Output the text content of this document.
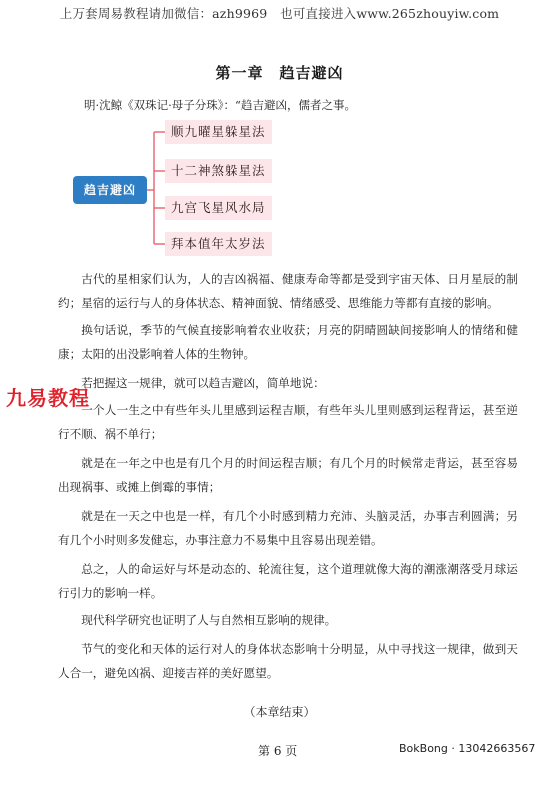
上万套周易教程请加微信：azh9969　也可直接进入www.265zhouyiw.com
第一章　趋吉避凶
明·沈鲸《双珠记·母子分珠》：“趋吉避凶，儒者之事。
趋吉避凶
顺九曜星躲星法
十二神煞躲星法
九宫飞星风水局
拜本值年太岁法
古代的星相家们认为，人的吉凶祸福、健康寿命等都是受到宇宙天体、日月星辰的制约；星宿的运行与人的身体状态、精神面貌、情绪感受、思维能力等都有直接的影响。
换句话说，季节的气候直接影响着农业收获；月亮的阴晴圆缺间接影响人的情绪和健康；太阳的出没影响着人体的生物钟。
若把握这一规律，就可以趋吉避凶，简单地说：
一个人一生之中有些年头儿里感到运程吉顺，有些年头儿里则感到运程背运，甚至逆行不顺、祸不单行；
就是在一年之中也是有几个月的时间运程吉顺；有几个月的时候常走背运，甚至容易出现祸事、或摊上倒霉的事情；
就是在一天之中也是一样，有几个小时感到精力充沛、头脑灵活，办事吉利圆满；另有几个小时则多发健忘，办事注意力不易集中且容易出现差错。
总之，人的命运好与坏是动态的、轮流往复，这个道理就像大海的潮涨潮落受月球运行引力的影响一样。
现代科学研究也证明了人与自然相互影响的规律。
节气的变化和天体的运行对人的身体状态影响十分明显，从中寻找这一规律，做到天人合一，避免凶祸、迎接吉祥的美好愿望。
九易教程
（本章结束）
第 6 页	BokBong · 13042663567
